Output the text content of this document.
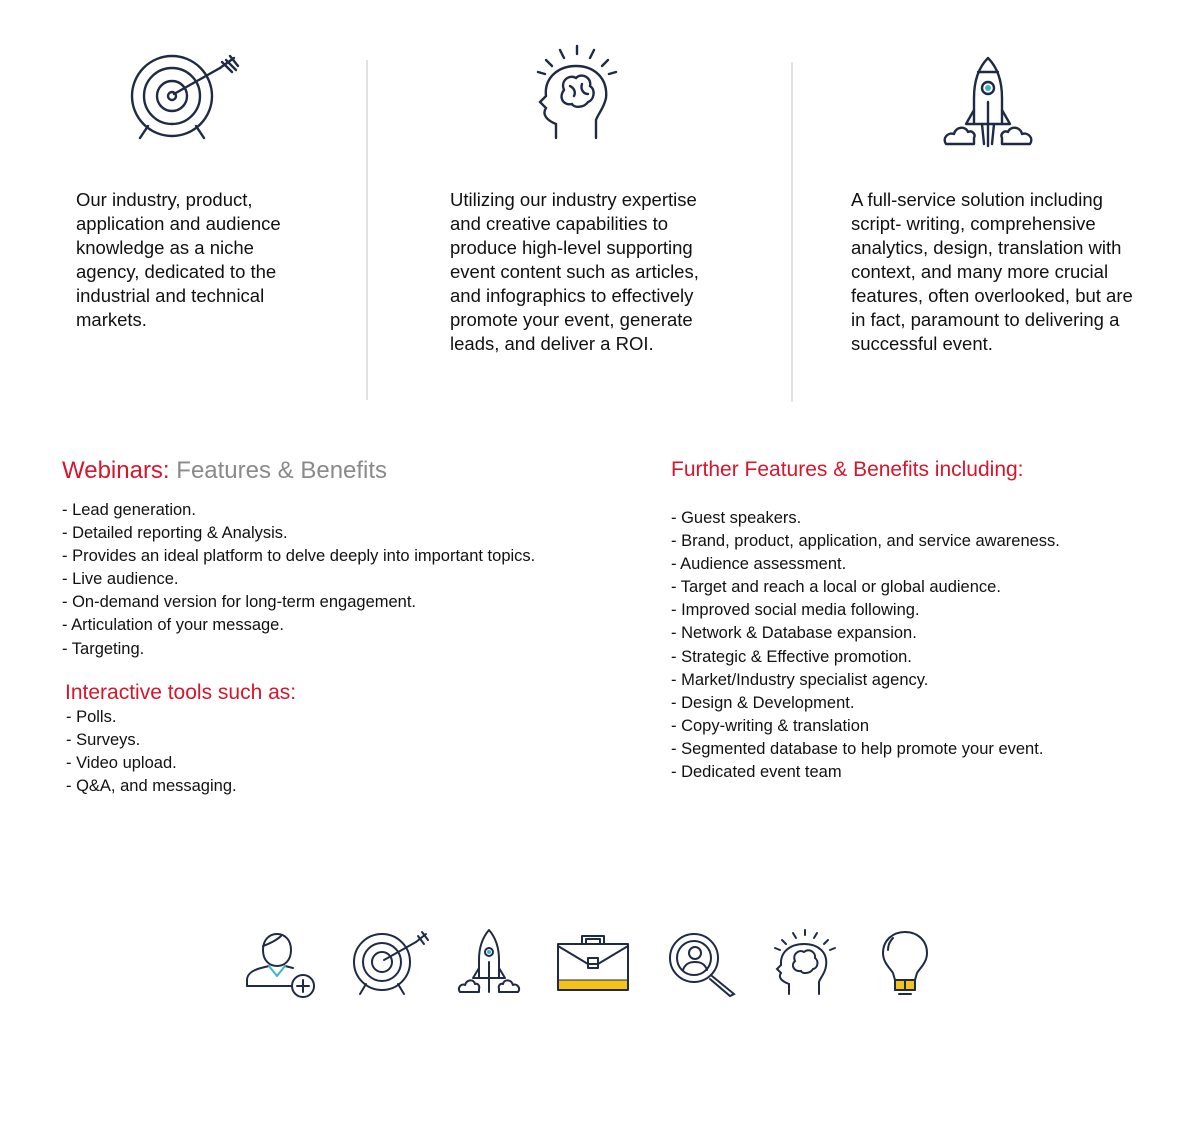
Our industry, product, application and audience knowledge as a niche agency, dedicated to the industrial and technical markets.
Utilizing our industry expertise and creative capabilities to produce high-level supporting event content such as articles, and infographics to effectively promote your event, generate leads, and deliver a ROI.
A full-service solution including script- writing, comprehensive analytics, design, translation with context, and many more crucial features, often overlooked, but are in fact, paramount to delivering a successful event.
Webinars: Features & Benefits
- Lead generation.
- Detailed reporting & Analysis.
- Provides an ideal platform to delve deeply into important topics.
- Live audience.
- On-demand version for long-term engagement.
- Articulation of your message.
- Targeting.
Interactive tools such as:
- Polls.
- Surveys.
- Video upload.
- Q&A, and messaging.
Further Features & Benefits including:
- Guest speakers.
- Brand, product, application, and service awareness.
- Audience assessment.
- Target and reach a local or global audience.
- Improved social media following.
- Network & Database expansion.
- Strategic & Effective promotion.
- Market/Industry specialist agency.
- Design & Development.
- Copy-writing & translation
- Segmented database to help promote your event.
- Dedicated event team
